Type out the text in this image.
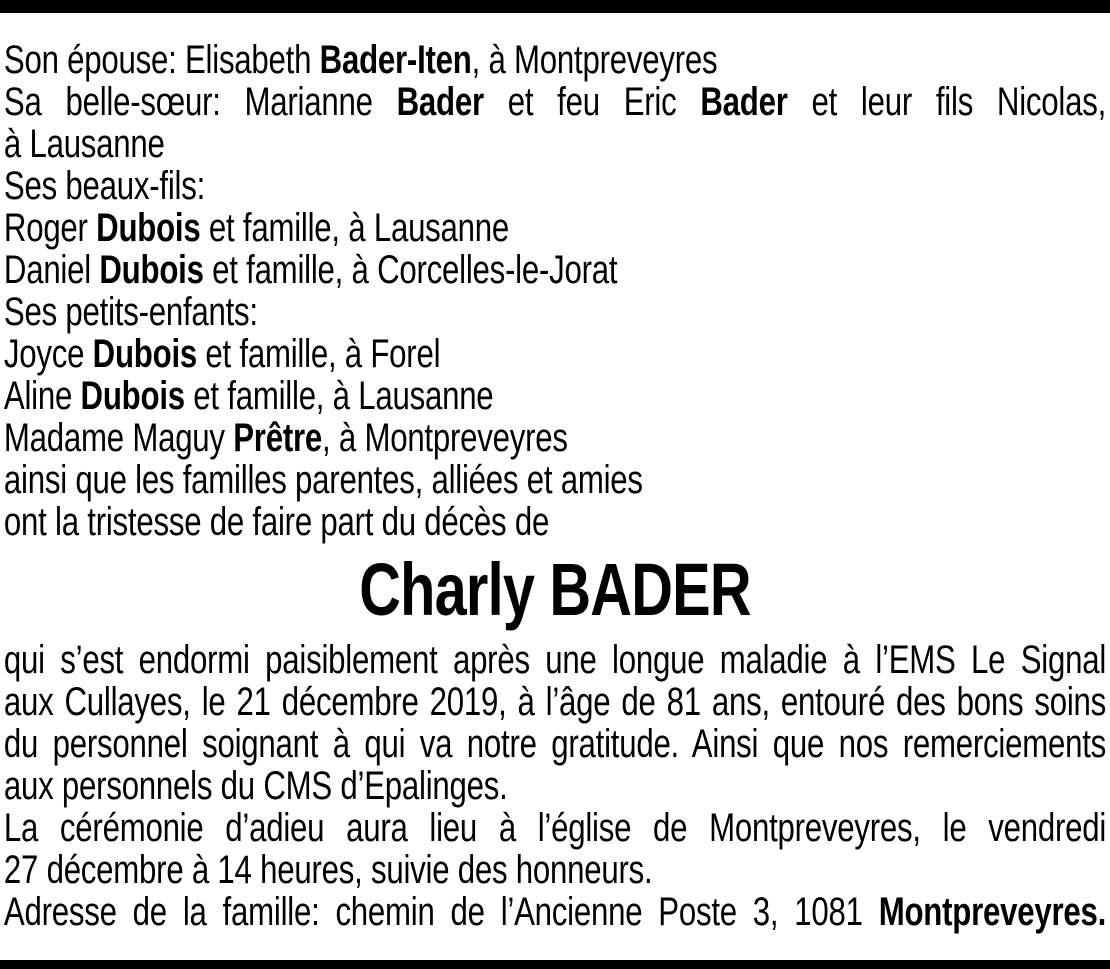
Son épouse: Elisabeth Bader-Iten, à Montpreveyres
Sa belle-sœur: Marianne Bader et feu Eric Bader et leur fils Nicolas,
à Lausanne
Ses beaux-fils:
Roger Dubois et famille, à Lausanne
Daniel Dubois et famille, à Corcelles-le-Jorat
Ses petits-enfants:
Joyce Dubois et famille, à Forel
Aline Dubois et famille, à Lausanne
Madame Maguy Prêtre, à Montpreveyres
ainsi que les familles parentes, alliées et amies
ont la tristesse de faire part du décès de
Charly BADER
qui s’est endormi paisiblement après une longue maladie à l’EMS Le Signal
aux Cullayes, le 21 décembre 2019, à l’âge de 81 ans, entouré des bons soins
du personnel soignant à qui va notre gratitude. Ainsi que nos remerciements
aux personnels du CMS d’Epalinges.
La cérémonie d’adieu aura lieu à l’église de Montpreveyres, le vendredi
27 décembre à 14 heures, suivie des honneurs.
Adresse de la famille: chemin de l’Ancienne Poste 3, 1081 Montpreveyres.
